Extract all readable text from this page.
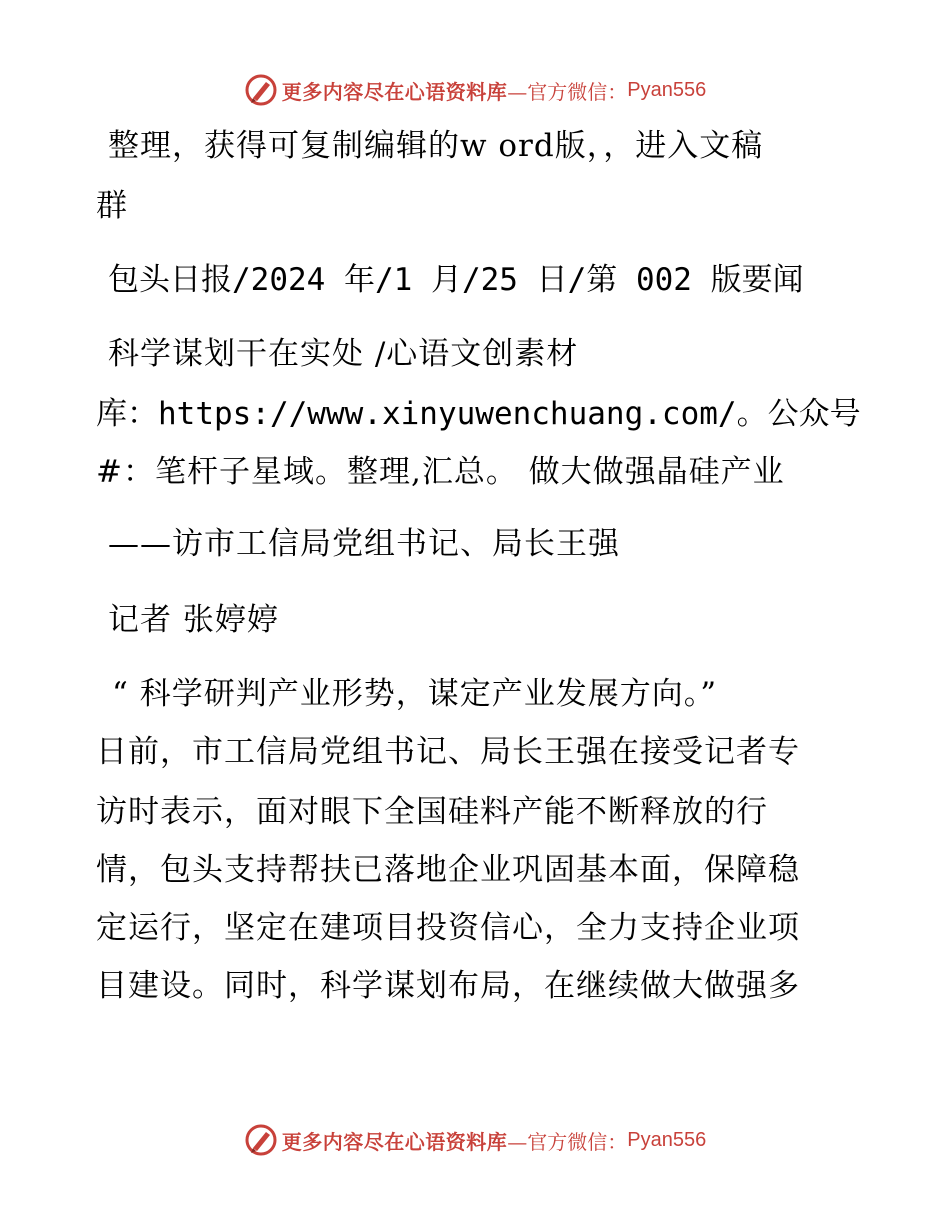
更多内容尽在心语资料库 —官方微信： Pyan556
整理，获得可复制编辑的w ord版，，进入文稿
群
包头日报/2024 年/1 月/25 日/第 002 版要闻
科学谋划干在实处 /心语文创素材
库：https://www.xinyuwenchuang.com/。公众号
#：笔杆子星域。整理,汇总。 做大做强晶硅产业
——访市工信局党组书记、局长王强
记者 张婷婷
“ 科学研判产业形势，谋定产业发展方向。”
日前，市工信局党组书记、局长王强在接受记者专
访时表示，面对眼下全国硅料产能不断释放的行
情，包头支持帮扶已落地企业巩固基本面，保障稳
定运行，坚定在建项目投资信心，全力支持企业项
目建设。同时，科学谋划布局，在继续做大做强多
更多内容尽在心语资料库 —官方微信： Pyan556
